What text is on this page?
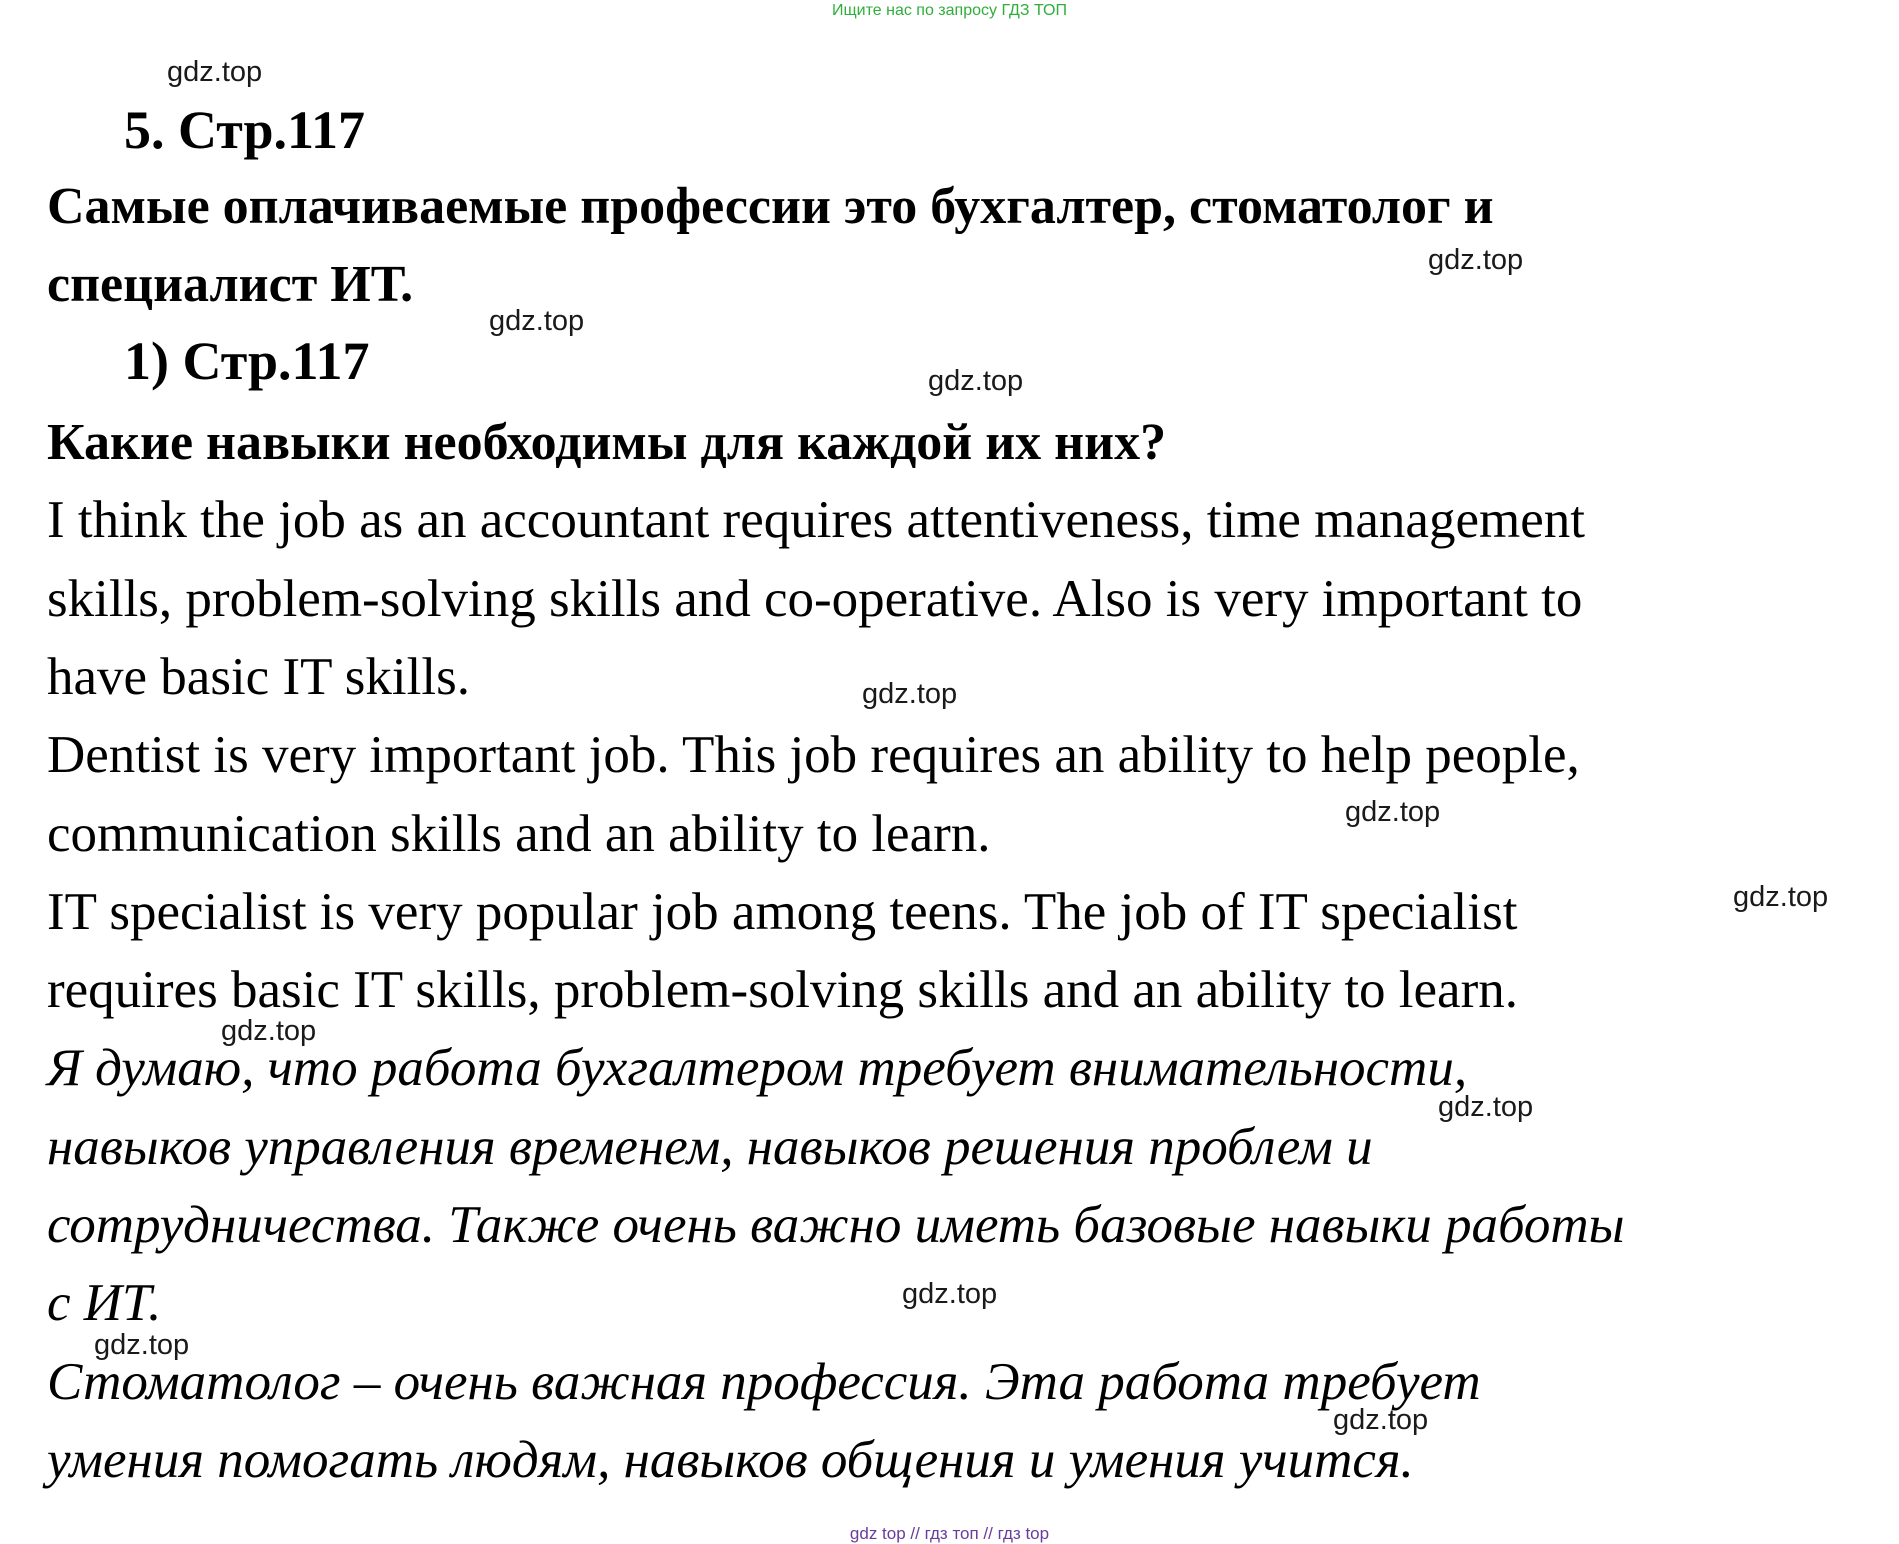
Ищите нас по запросу ГДЗ ТОП
5. Стр.117
Самые оплачиваемые профессии это бухгалтер, стоматолог и
специалист ИТ.
1) Стр.117
Какие навыки необходимы для каждой их них?
I think the job as an accountant requires attentiveness, time management
skills, problem-solving skills and co-operative. Also is very important to
have basic IT skills.
Dentist is very important job. This job requires an ability to help people,
communication skills and an ability to learn.
IT specialist is very popular job among teens. The job of IT specialist
requires basic IT skills, problem-solving skills and an ability to learn.
Я думаю, что работа бухгалтером требует внимательности,
навыков управления временем, навыков решения проблем и
сотрудничества. Также очень важно иметь базовые навыки работы
с ИТ.
Стоматолог – очень важная профессия. Эта работа требует
умения помогать людям, навыков общения и умения учится.
gdz.top
gdz.top
gdz.top
gdz.top
gdz.top
gdz.top
gdz.top
gdz.top
gdz.top
gdz.top
gdz.top
gdz.top
gdz top // гдз топ // гдз top
